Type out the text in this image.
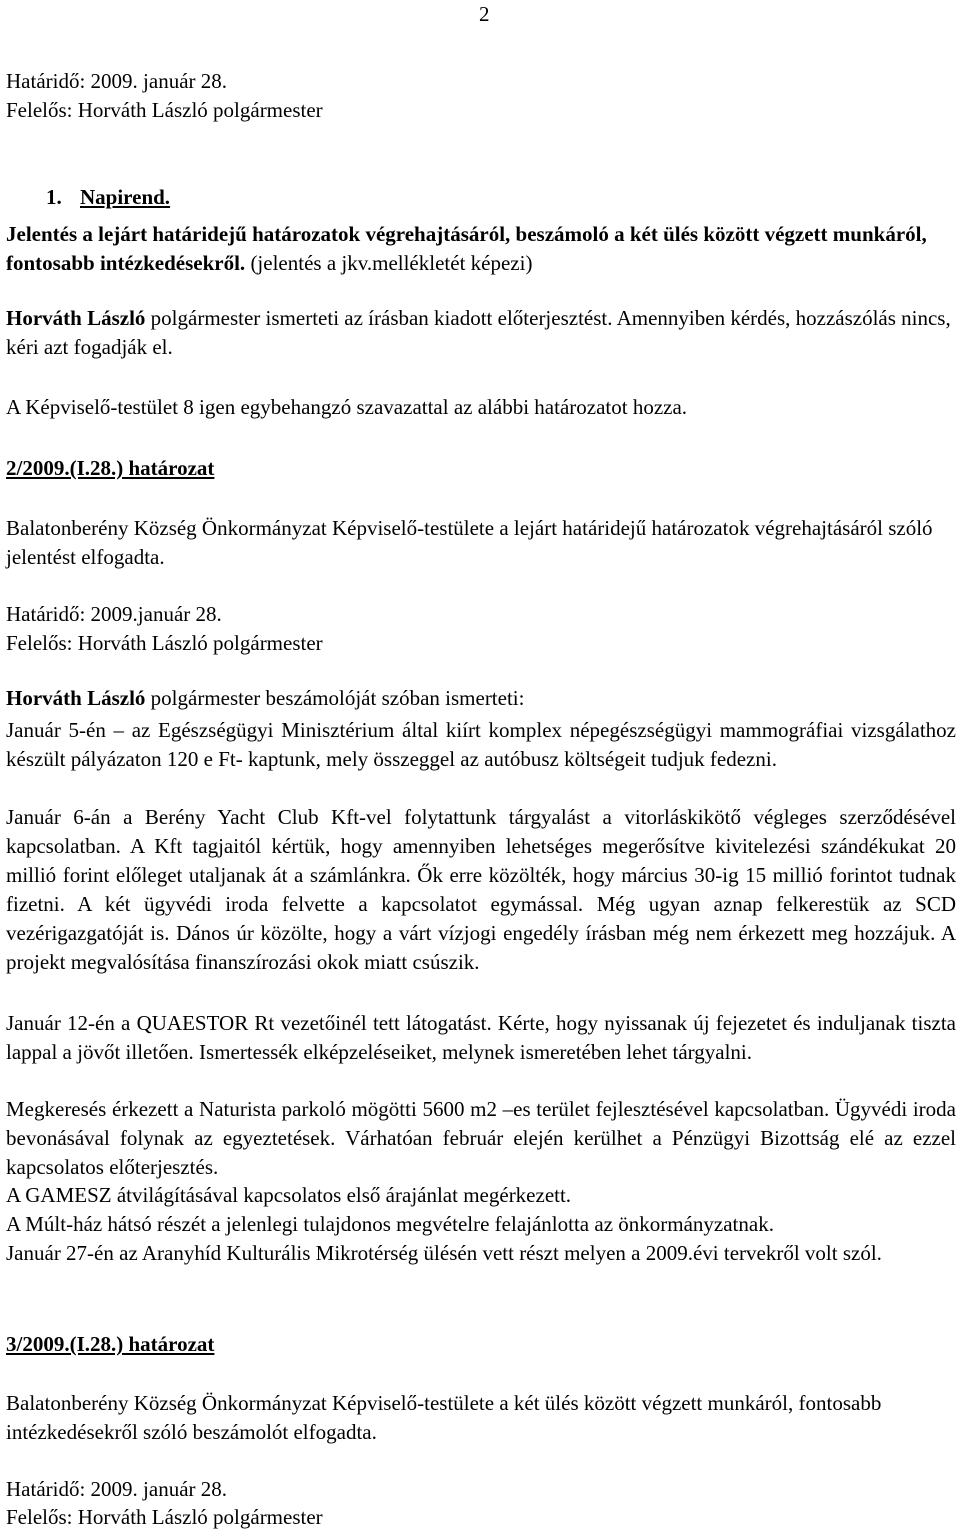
2
Határidő: 2009. január 28.
Felelős: Horváth László polgármester
1. Napirend.
Jelentés a lejárt határidejű határozatok végrehajtásáról, beszámoló a két ülés között végzett munkáról, fontosabb intézkedésekről. (jelentés a jkv.mellékletét képezi)
Horváth László polgármester ismerteti az írásban kiadott előterjesztést. Amennyiben kérdés, hozzászólás nincs, kéri azt fogadják el.
A Képviselő-testület 8 igen egybehangzó szavazattal az alábbi határozatot hozza.
2/2009.(I.28.) határozat
Balatonberény Község Önkormányzat Képviselő-testülete a lejárt határidejű határozatok végrehajtásáról szóló jelentést elfogadta.
Határidő: 2009.január 28.
Felelős: Horváth László polgármester
Horváth László polgármester beszámolóját szóban ismerteti:
Január 5-én – az Egészségügyi Minisztérium által kiírt komplex népegészségügyi mammográfiai vizsgálathoz készült pályázaton 120 e Ft- kaptunk, mely összeggel az autóbusz költségeit tudjuk fedezni.
Január 6-án a Berény Yacht Club Kft-vel folytattunk tárgyalást a vitorláskikötő végleges szerződésével kapcsolatban. A Kft tagjaitól kértük, hogy amennyiben lehetséges megerősítve kivitelezési szándékukat 20 millió forint előleget utaljanak át a számlánkra. Ők erre közölték, hogy március 30-ig 15 millió forintot tudnak fizetni. A két ügyvédi iroda felvette a kapcsolatot egymással. Még ugyan aznap felkerestük az SCD vezérigazgatóját is. Dános úr közölte, hogy a várt vízjogi engedély írásban még nem érkezett meg hozzájuk. A projekt megvalósítása finanszírozási okok miatt csúszik.
Január 12-én a QUAESTOR Rt vezetőinél tett látogatást. Kérte, hogy nyissanak új fejezetet és induljanak tiszta lappal a jövőt illetően. Ismertessék elképzeléseiket, melynek ismeretében lehet tárgyalni.
Megkeresés érkezett a Naturista parkoló mögötti 5600 m2 –es terület fejlesztésével kapcsolatban. Ügyvédi iroda bevonásával folynak az egyeztetések. Várhatóan február elején kerülhet a Pénzügyi Bizottság elé az ezzel kapcsolatos előterjesztés.
A GAMESZ átvilágításával kapcsolatos első árajánlat megérkezett.
A Múlt-ház hátsó részét a jelenlegi tulajdonos megvételre felajánlotta az önkormányzatnak.
Január 27-én az Aranyhíd Kulturális Mikrotérség ülésén vett részt melyen a 2009.évi tervekről volt szól.
3/2009.(I.28.) határozat
Balatonberény Község Önkormányzat Képviselő-testülete a két ülés között végzett munkáról, fontosabb intézkedésekről szóló beszámolót elfogadta.
Határidő: 2009. január 28.
Felelős: Horváth László polgármester
